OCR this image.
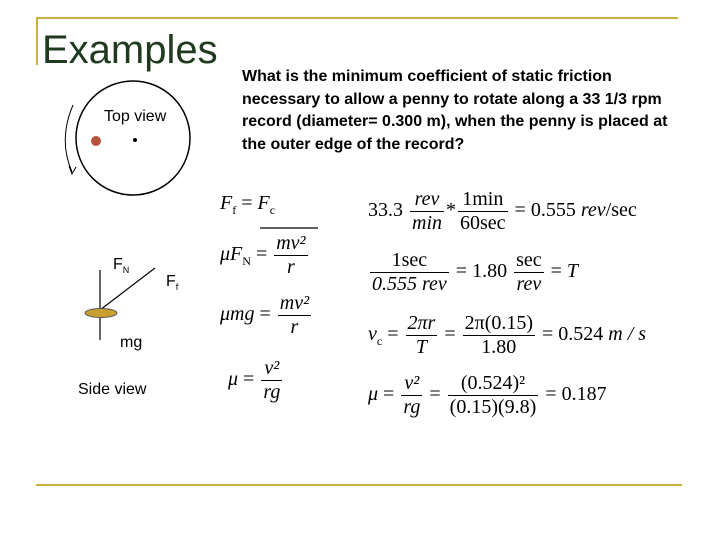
Examples
What is the minimum coefficient of static friction necessary to allow a penny to rotate along a 33 1/3 rpm record (diameter= 0.300 m), when the penny is placed at the outer edge of the record?
Top view
Side view
$F_N$
$F_f$
mg
$F_f = F_c$
$\mu F_N = \frac{\text{mv²}}{r}$
$\mu mg = \frac{\text{mv²}}{r}$
$\mu = \frac{\text{v²}}{rg}$
$33.3 \frac{\text{rev}}{\min} * \frac{1\min}{60\sec} = 0.555$ rev/sec
$\frac{1\sec}{\text{0.555 rev}} = 1.80 \frac{\sec}{\text{rev}} = T$
$v_c = \frac{2\pi r}{T} = \frac{2\pi(0.15)}{1.80} = 0.524$ m / s
$\mu = \frac{\text{v²}}{rg} = \frac{\text{(0.524)²}}{(0.15)(9.8)} = 0.187$
